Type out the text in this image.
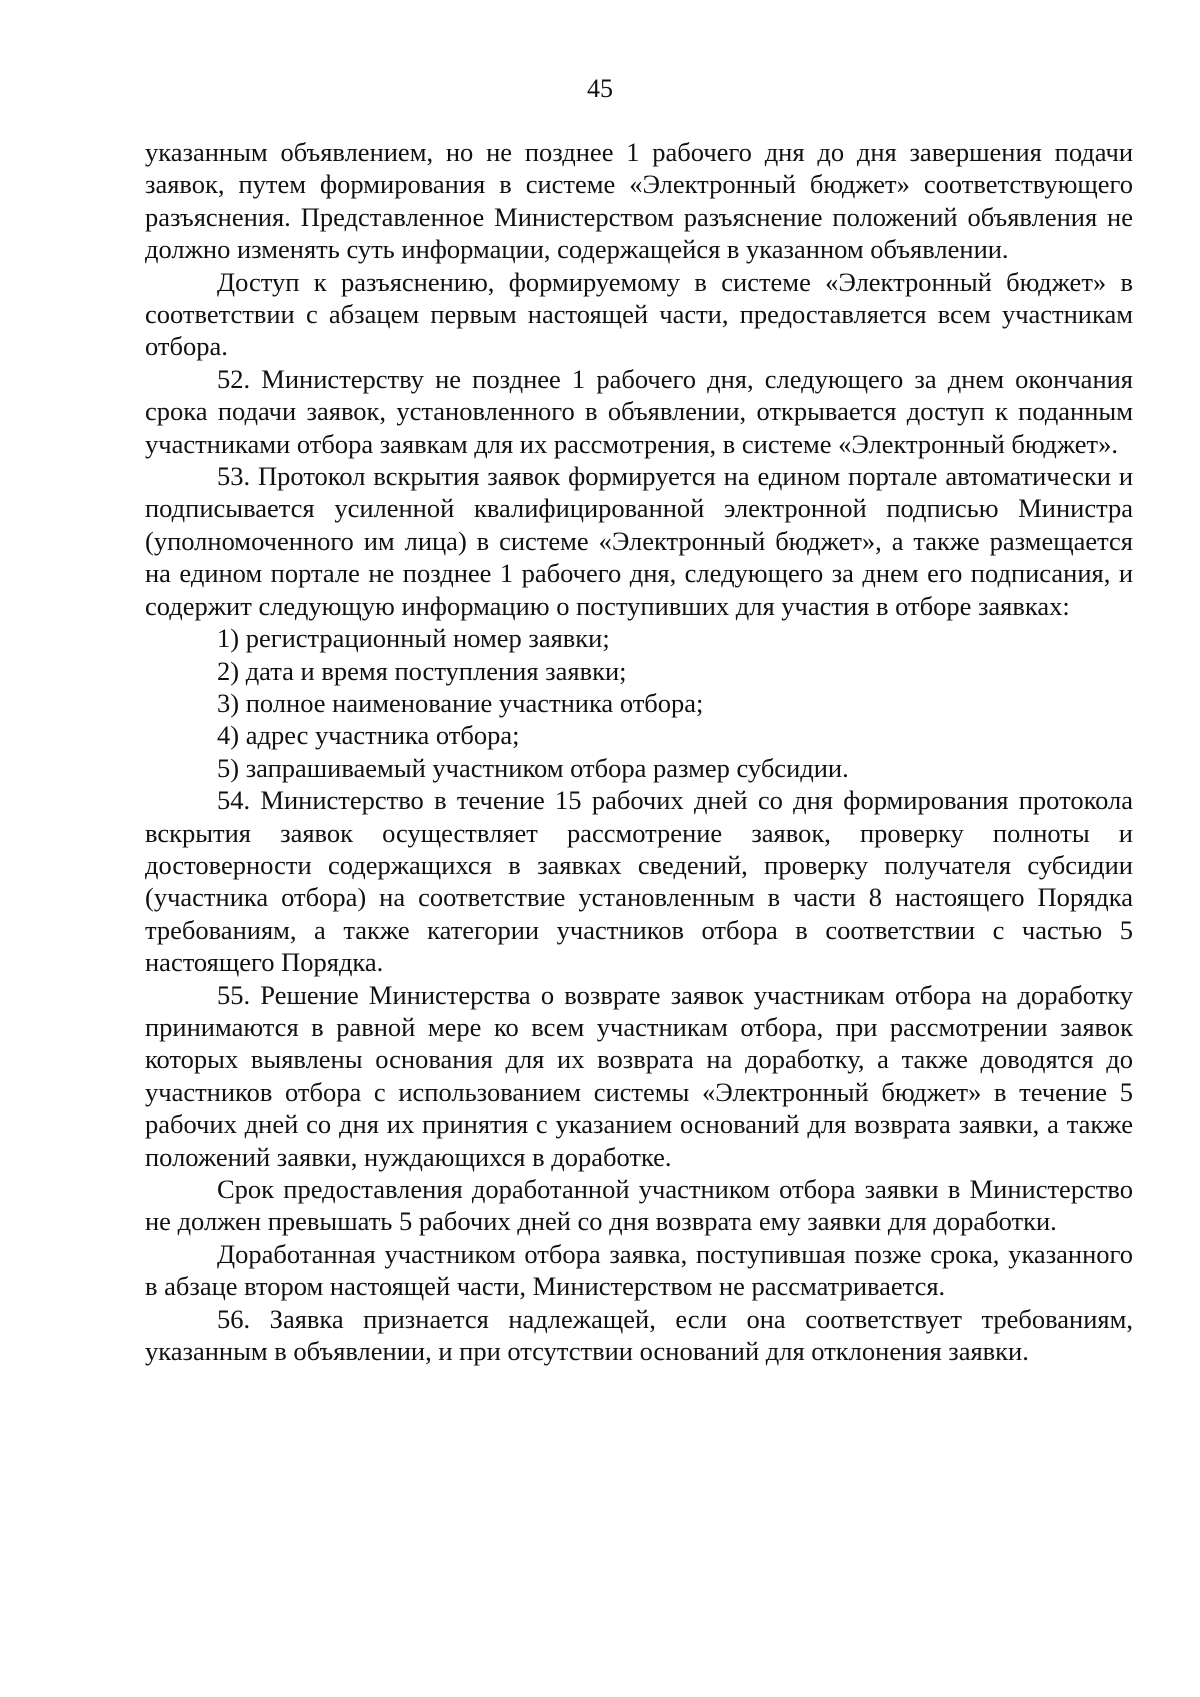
45

указанным объявлением, но не позднее 1 рабочего дня до дня завершения подачи заявок, путем формирования в системе «Электронный бюджет» соответствующего разъяснения. Представленное Министерством разъяснение положений объявления не должно изменять суть информации, содержащейся в указанном объявлении.

Доступ к разъяснению, формируемому в системе «Электронный бюджет» в соответствии с абзацем первым настоящей части, предоставляется всем участникам отбора.

52. Министерству не позднее 1 рабочего дня, следующего за днем окончания срока подачи заявок, установленного в объявлении, открывается доступ к поданным участниками отбора заявкам для их рассмотрения, в системе «Электронный бюджет».

53. Протокол вскрытия заявок формируется на едином портале автоматически и подписывается усиленной квалифицированной электронной подписью Министра (уполномоченного им лица) в системе «Электронный бюджет», а также размещается на едином портале не позднее 1 рабочего дня, следующего за днем его подписания, и содержит следующую информацию о поступивших для участия в отборе заявках:

1) регистрационный номер заявки;

2) дата и время поступления заявки;

3) полное наименование участника отбора;

4) адрес участника отбора;

5) запрашиваемый участником отбора размер субсидии.

54. Министерство в течение 15 рабочих дней со дня формирования протокола вскрытия заявок осуществляет рассмотрение заявок, проверку полноты и достоверности содержащихся в заявках сведений, проверку получателя субсидии (участника отбора) на соответствие установленным в части 8 настоящего Порядка требованиям, а также категории участников отбора в соответствии с частью 5 настоящего Порядка.

55. Решение Министерства о возврате заявок участникам отбора на доработку принимаются в равной мере ко всем участникам отбора, при рассмотрении заявок которых выявлены основания для их возврата на доработку, а также доводятся до участников отбора с использованием системы «Электронный бюджет» в течение 5 рабочих дней со дня их принятия с указанием оснований для возврата заявки, а также положений заявки, нуждающихся в доработке.

Срок предоставления доработанной участником отбора заявки в Министерство не должен превышать 5 рабочих дней со дня возврата ему заявки для доработки.

Доработанная участником отбора заявка, поступившая позже срока, указанного в абзаце втором настоящей части, Министерством не рассматривается.

56. Заявка признается надлежащей, если она соответствует требованиям, указанным в объявлении, и при отсутствии оснований для отклонения заявки.
